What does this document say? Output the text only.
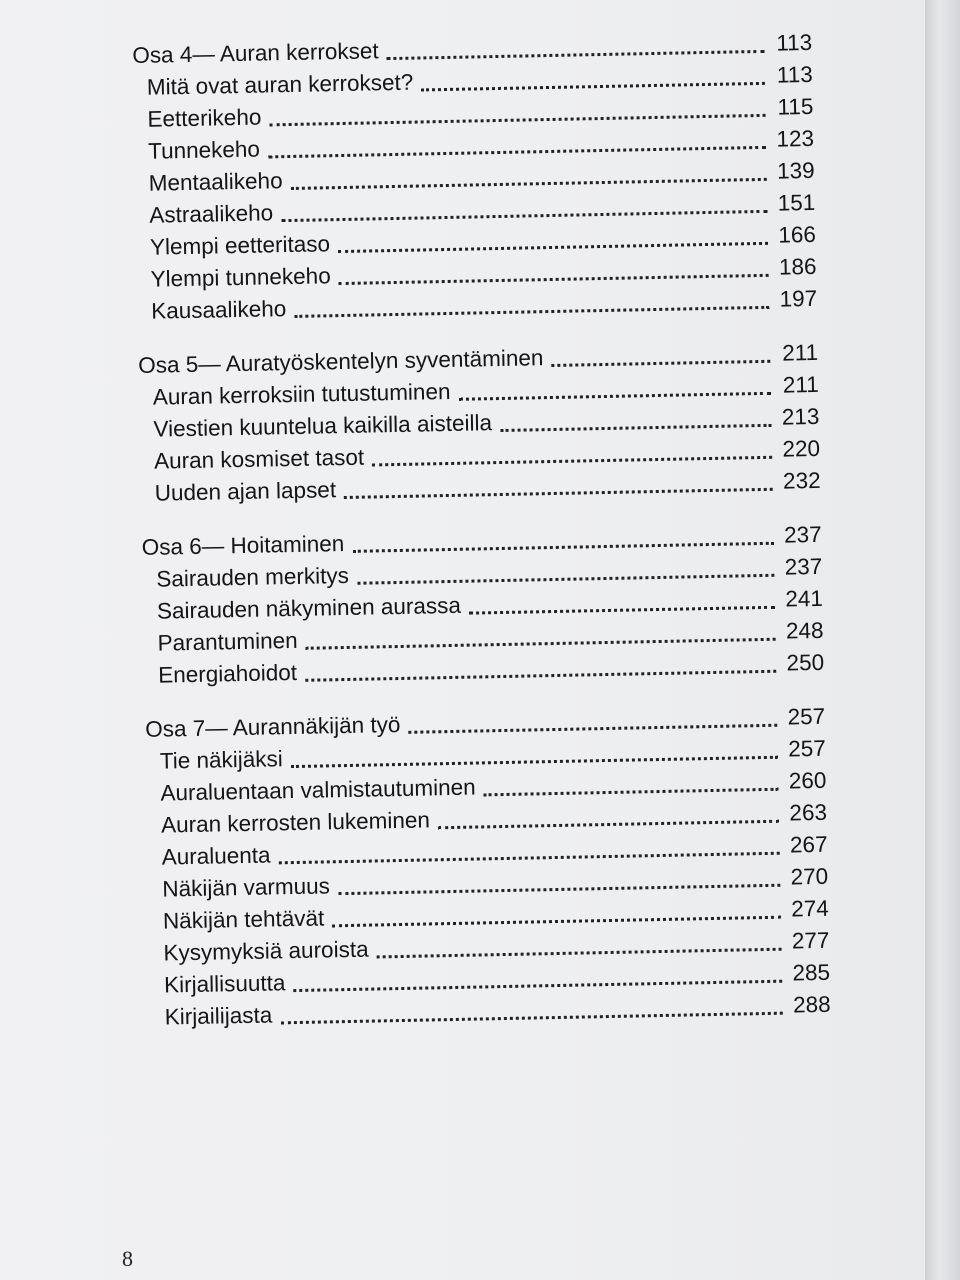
Osa 4— Auran kerrokset	113
Mitä ovat auran kerrokset?	113
Eetterikeho	115
Tunnekeho	123
Mentaalikeho	139
Astraalikeho	151
Ylempi eetteritaso	166
Ylempi tunnekeho	186
Kausaalikeho	197
Osa 5— Auratyöskentelyn syventäminen	211
Auran kerroksiin tutustuminen	211
Viestien kuuntelua kaikilla aisteilla	213
Auran kosmiset tasot	220
Uuden ajan lapset	232
Osa 6— Hoitaminen	237
Sairauden merkitys	237
Sairauden näkyminen aurassa	241
Parantuminen	248
Energiahoidot	250
Osa 7— Aurannäkijän työ	257
Tie näkijäksi	257
Auraluentaan valmistautuminen	260
Auran kerrosten lukeminen	263
Auraluenta	267
Näkijän varmuus	270
Näkijän tehtävät	274
Kysymyksiä auroista	277
Kirjallisuutta	285
Kirjailijasta	288
8
